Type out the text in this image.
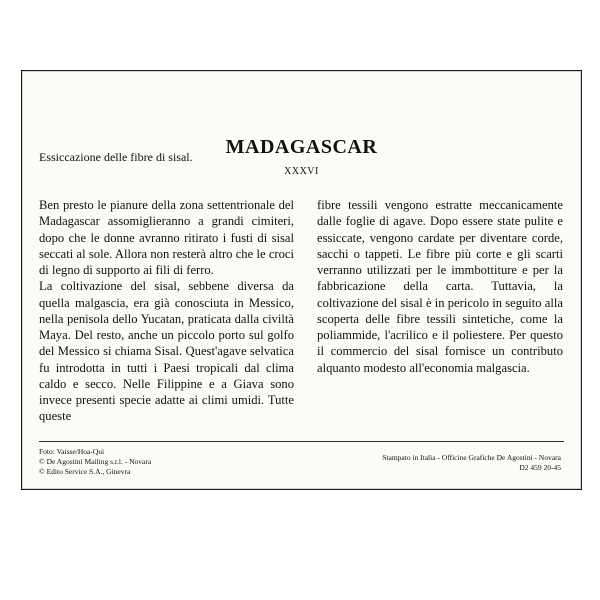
MADAGASCAR

Essiccazione delle fibre di sisal.

XXXVI

Ben presto le pianure della zona settentrionale del Madagascar assomiglieranno a grandi cimiteri, dopo che le donne avranno ritirato i fusti di sisal seccati al sole. Allora non resterà altro che le croci di legno di supporto ai fili di ferro.

La coltivazione del sisal, sebbene diversa da quella malgascia, era già conosciuta in Messico, nella penisola dello Yucatan, praticata dalla civiltà Maya. Del resto, anche un piccolo porto sul golfo del Messico si chiama Sisal. Quest'agave selvatica fu introdotta in tutti i Paesi tropicali dal clima caldo e secco. Nelle Filippine e a Giava sono invece presenti specie adatte ai climi umidi. Tutte queste

fibre tessili vengono estratte meccanicamente dalle foglie di agave. Dopo essere state pulite e essiccate, vengono cardate per diventare corde, sacchi o tappeti. Le fibre più corte e gli scarti verranno utilizzati per le immbottiture e per la fabbricazione della carta. Tuttavia, la coltivazione del sisal è in pericolo in seguito alla scoperta delle fibre tessili sintetiche, come la poliammide, l'acrilico e il poliestere. Per questo il commercio del sisal fornisce un contributo alquanto modesto all'economia malgascia.

Foto: Vaisse/Hoa-Qui
© De Agostini Mailing s.r.l. - Novara
© Edito Service S.A., Ginevra
Stampato in Italia - Officine Grafiche De Agostini - Novara
D2 459 20-45
